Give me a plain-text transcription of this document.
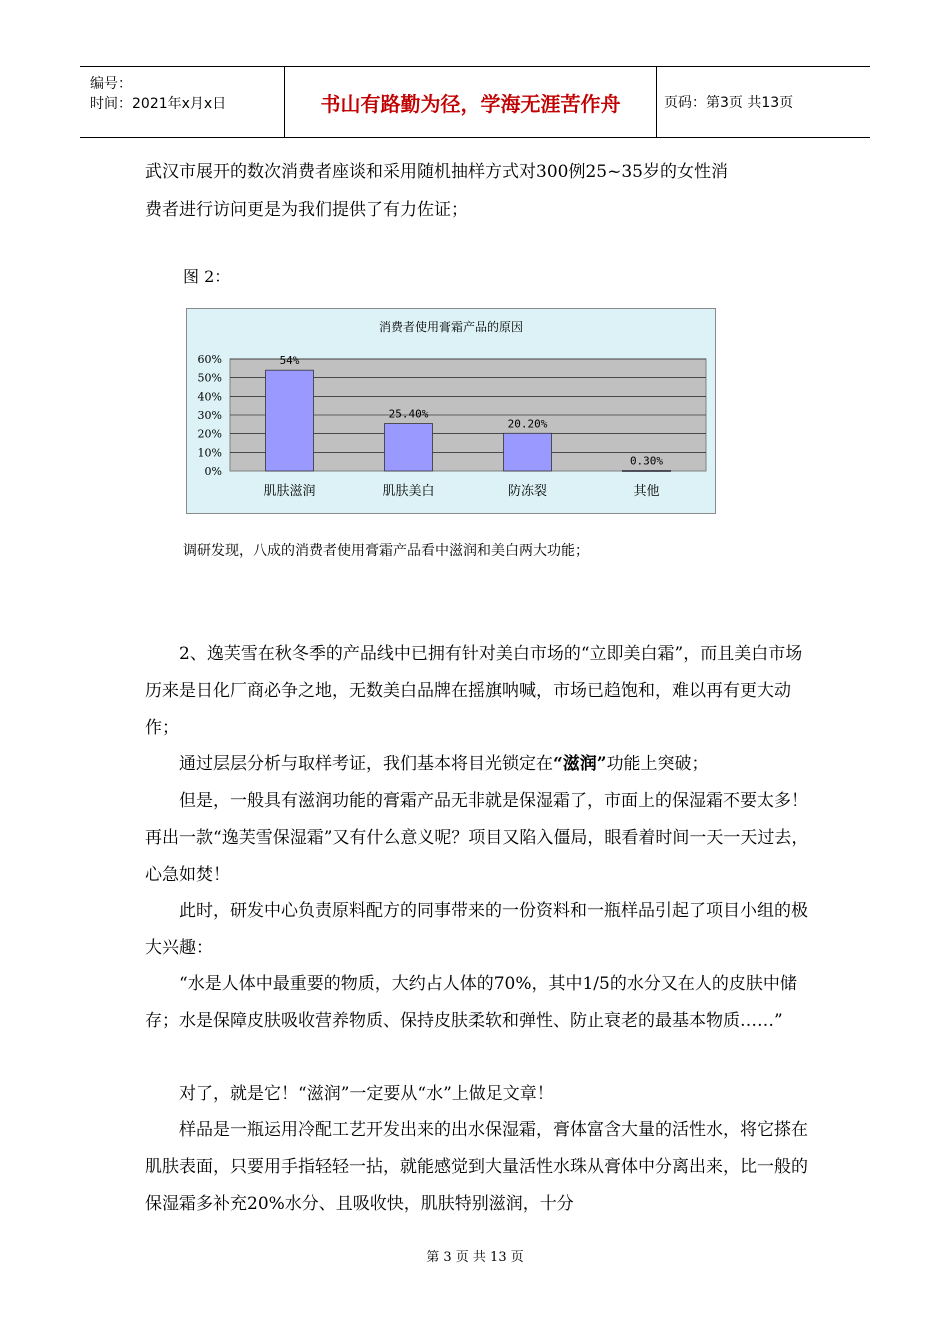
编号：
时间：2021年x月x日	书山有路勤为径，学海无涯苦作舟	页码：第3页 共13页
武汉市展开的数次消费者座谈和采用随机抽样方式对300例25~35岁的女性消
费者进行访问更是为我们提供了有力佐证；
图 2：
消费者使用膏霜产品的原因
0%
10%
20%
30%
40%
50%
60%	54%
肌肤滋润
25.40%
肌肤美白
20.20%
防冻裂
0.30%
其他
调研发现，八成的消费者使用膏霜产品看中滋润和美白两大功能；

2、逸芙雪在秋冬季的产品线中已拥有针对美白市场的“立即美白霜”，而且美白市场历来是日化厂商必争之地，无数美白品牌在摇旗呐喊，市场已趋饱和，难以再有更大动作；

通过层层分析与取样考证，我们基本将目光锁定在“滋润”功能上突破；

但是，一般具有滋润功能的膏霜产品无非就是保湿霜了，市面上的保湿霜不要太多！再出一款“逸芙雪保湿霜”又有什么意义呢？项目又陷入僵局，眼看着时间一天一天过去，心急如焚！

此时，研发中心负责原料配方的同事带来的一份资料和一瓶样品引起了项目小组的极大兴趣：

“水是人体中最重要的物质，大约占人体的70%，其中1/5的水分又在人的皮肤中储存；水是保障皮肤吸收营养物质、保持皮肤柔软和弹性、防止衰老的最基本物质……”

对了，就是它！“滋润”一定要从“水”上做足文章！

样品是一瓶运用冷配工艺开发出来的出水保湿霜，膏体富含大量的活性水，将它搽在肌肤表面，只要用手指轻轻一拈，就能感觉到大量活性水珠从膏体中分离出来，比一般的保湿霜多补充20%水分、且吸收快，肌肤特别滋润，十分

第 3 页 共 13 页
